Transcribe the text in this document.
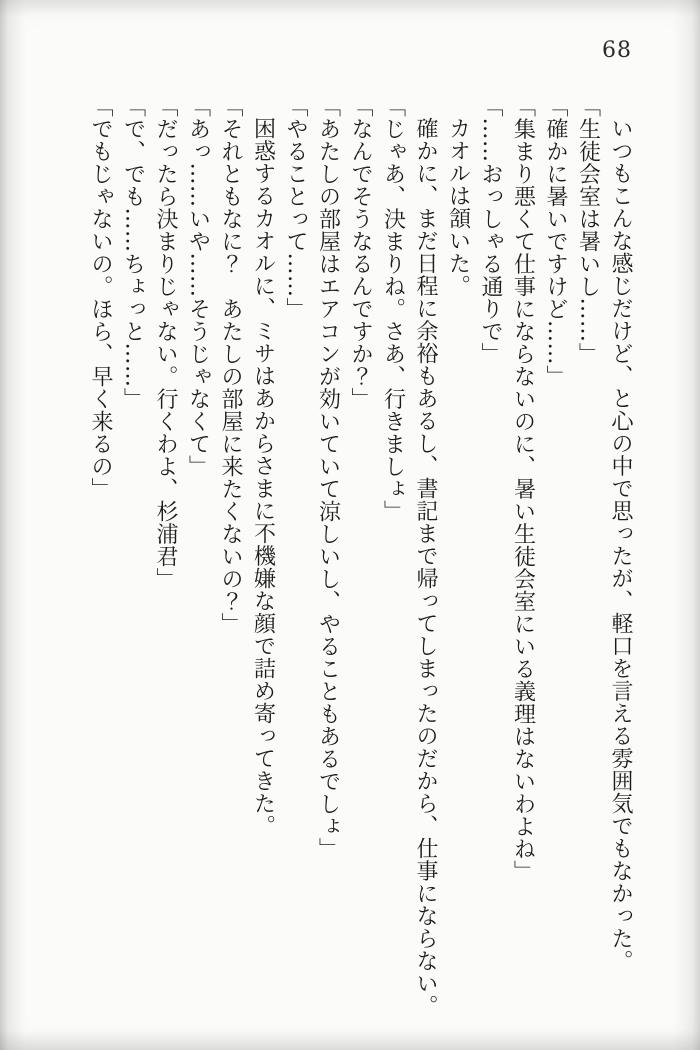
68

いつもこんな感じだけど、と心の中で思ったが、軽口を言える雰囲気でもなかった。

「生徒会室は暑いし……」

「確かに暑いですけど……」

「集まり悪くて仕事にならないのに、暑い生徒会室にいる義理はないわよね」

「……おっしゃる通りで」

カオルは頷いた。

確かに、まだ日程に余裕もあるし、書記まで帰ってしまったのだから、仕事にならない。

「じゃあ、決まりね。さあ、行きましょ」

「なんでそうなるんですか？」

「あたしの部屋はエアコンが効いていて涼しいし、やることもあるでしょ」

「やることって……」

困惑するカオルに、ミサはあからさまに不機嫌な顔で詰め寄ってきた。

「それともなに？　あたしの部屋に来たくないの？」

「あっ……いや……そうじゃなくて」

「だったら決まりじゃない。行くわよ、杉浦君」

「で、でも……ちょっと……」

「でもじゃないの。ほら、早く来るの」
